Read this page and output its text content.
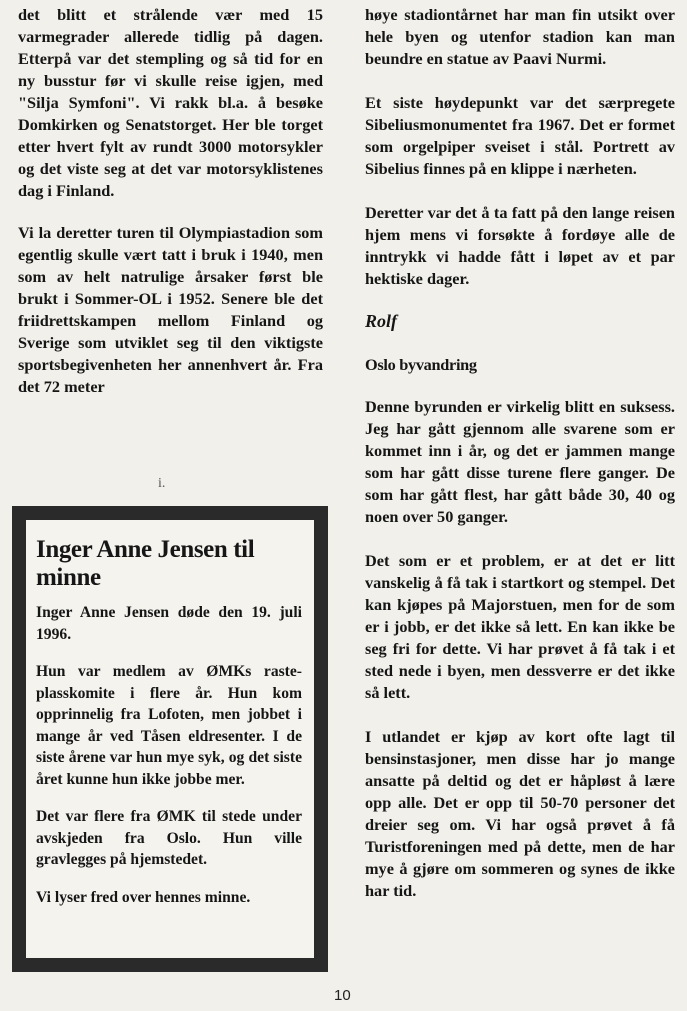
det blitt et strålende vær med 15 varmegrader allerede tidlig på dagen. Etterpå var det stempling og så tid for en ny busstur før vi skulle reise igjen, med "Silja Symfoni". Vi rakk bl.a. å besøke Domkirken og Senatstorget. Her ble torget etter hvert fylt av rundt 3000 motorsykler og det viste seg at det var motorsyklistenes dag i Finland.

Vi la deretter turen til Olympiastadion som egentlig skulle vært tatt i bruk i 1940, men som av helt natrulige årsaker først ble brukt i Sommer-OL i 1952. Senere ble det friidrettskampen mellom Finland og Sverige som utviklet seg til den viktigste sportsbegivenheten her annenhvert år. Fra det 72 meter

i.
Inger Anne Jensen til minne

Inger Anne Jensen døde den 19. juli 1996.

Hun var medlem av ØMKs raste-plasskomite i flere år. Hun kom opprinnelig fra Lofoten, men jobbet i mange år ved Tåsen eldresenter. I de siste årene var hun mye syk, og det siste året kunne hun ikke jobbe mer.

Det var flere fra ØMK til stede under avskjeden fra Oslo. Hun ville gravlegges på hjemstedet.

Vi lyser fred over hennes minne.

høye stadiontårnet har man fin utsikt over hele byen og utenfor stadion kan man beundre en statue av Paavi Nurmi.

Et siste høydepunkt var det særpregete Sibeliusmonumentet fra 1967. Det er formet som orgelpiper sveiset i stål. Portrett av Sibelius finnes på en klippe i nærheten.

Deretter var det å ta fatt på den lange reisen hjem mens vi forsøkte å fordøye alle de inntrykk vi hadde fått i løpet av et par hektiske dager.

Rolf

Oslo byvandring

Denne byrunden er virkelig blitt en suksess. Jeg har gått gjennom alle svarene som er kommet inn i år, og det er jammen mange som har gått disse turene flere ganger. De som har gått flest, har gått både 30, 40 og noen over 50 ganger.

Det som er et problem, er at det er litt vanskelig å få tak i startkort og stempel. Det kan kjøpes på Majorstuen, men for de som er i jobb, er det ikke så lett. En kan ikke be seg fri for dette. Vi har prøvet å få tak i et sted nede i byen, men dessverre er det ikke så lett.

I utlandet er kjøp av kort ofte lagt til bensinstasjoner, men disse har jo mange ansatte på deltid og det er håpløst å lære opp alle. Det er opp til 50-70 personer det dreier seg om. Vi har også prøvet å få Turistforeningen med på dette, men de har mye å gjøre om sommeren og synes de ikke har tid.

10
